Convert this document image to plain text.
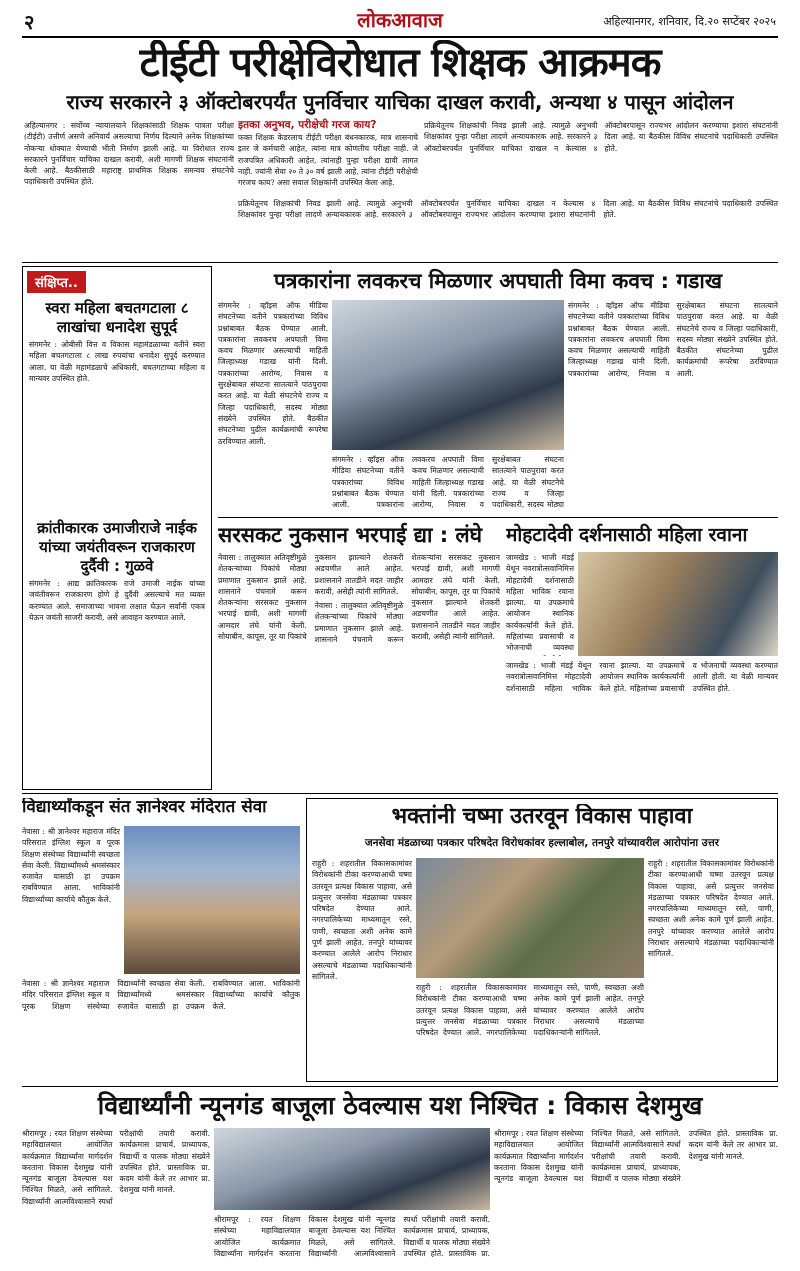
२	लोकआवाज	अहिल्यानगर, शनिवार, दि.२० सप्टेंबर २०२५
टीईटी परीक्षेविरोधात शिक्षक आक्रमक
राज्य सरकारने ३ ऑक्टोबरपर्यंत पुनर्विचार याचिका दाखल करावी, अन्यथा ४ पासून आंदोलन

अहिल्यानगर : सर्वोच्च न्यायालयाने शिक्षकांसाठी शिक्षक पात्रता परीक्षा (टीईटी) उत्तीर्ण असणे अनिवार्य असल्याचा निर्णय दिल्याने अनेक शिक्षकांच्या नोकऱ्या धोक्यात येण्याची भीती निर्माण झाली आहे. या विरोधात राज्य सरकारने पुनर्विचार याचिका दाखल करावी, अशी मागणी शिक्षक संघटनांनी केली आहे. बैठकीसाठी महाराष्ट्र प्राथमिक शिक्षक समन्वय संघटनेचे पदाधिकारी उपस्थित होते.

इतका अनुभव, परीक्षेची गरज काय?
फक्त शिक्षक केडरलाच टीईटी परीक्षा बंधनकारक, मात्र शासनाचे इतर जे कर्मचारी आहेत, त्यांना मात्र कोणतीच परीक्षा नाही. जे राजपत्रित अधिकारी आहेत, त्यांनाही पुन्हा परीक्षा द्यावी लागत नाही. ज्यांनी सेवा २० ते ३० वर्ष झाली आहे, त्यांना टीईटी परीक्षेची गरजच काय? असा सवाल शिक्षकांनी उपस्थित केला आहे.

प्रक्रियेतूनच शिक्षकांची निवड झाली आहे. त्यामुळे अनुभवी शिक्षकांवर पुन्हा परीक्षा लादणे अन्यायकारक आहे. सरकारने ३ ऑक्टोबरपर्यंत पुनर्विचार याचिका दाखल न केल्यास ४ ऑक्टोबरपासून राज्यभर आंदोलन करण्याचा इशारा संघटनांनी दिला आहे. या बैठकीस विविध संघटनांचे पदाधिकारी उपस्थित होते.

प्रक्रियेतूनच शिक्षकांची निवड झाली आहे. त्यामुळे अनुभवी शिक्षकांवर पुन्हा परीक्षा लादणे अन्यायकारक आहे. सरकारने ३ ऑक्टोबरपर्यंत पुनर्विचार याचिका दाखल न केल्यास ४ ऑक्टोबरपासून राज्यभर आंदोलन करण्याचा इशारा संघटनांनी दिला आहे. या बैठकीस विविध संघटनांचे पदाधिकारी उपस्थित होते.

संक्षिप्त..
स्वरा महिला बचतगटाला ८ लाखांचा धनादेश सुपूर्द
संगमनेर : ओबीसी वित्त व विकास महामंडळाच्या वतीने स्वरा महिला बचतगटाला ८ लाख रुपयांचा धनादेश सुपूर्द करण्यात आला. या वेळी महामंडळाचे अधिकारी, बचतगटाच्या महिला व मान्यवर उपस्थित होते.
क्रांतीकारक उमाजीराजे नाईक यांच्या जयंतीवरून राजकारण दुर्दैवी : गुळवे
संगमनेर : आद्य क्रांतिकारक राजे उमाजी नाईक यांच्या जयंतीवरून राजकारण होणे हे दुर्दैवी असल्याचे मत व्यक्त करण्यात आले. समाजाच्या भावना लक्षात घेऊन सर्वांनी एकत्र येऊन जयंती साजरी करावी, असे आवाहन करण्यात आले.
पत्रकारांना लवकरच मिळणार अपघाती विमा कवच : गडाख

संगमनेर : व्हॉइस ऑफ मीडिया संघटनेच्या वतीने पत्रकारांच्या विविध प्रश्नांबाबत बैठक घेण्यात आली. पत्रकारांना लवकरच अपघाती विमा कवच मिळणार असल्याची माहिती जिल्हाध्यक्ष गडाख यांनी दिली. पत्रकारांच्या आरोग्य, निवास व सुरक्षेबाबत संघटना सातत्याने पाठपुरावा करत आहे. या वेळी संघटनेचे राज्य व जिल्हा पदाधिकारी, सदस्य मोठ्या संख्येने उपस्थित होते. बैठकीत संघटनेच्या पुढील कार्यक्रमांची रूपरेषा ठरविण्यात आली.

संगमनेर : व्हॉइस ऑफ मीडिया संघटनेच्या वतीने पत्रकारांच्या विविध प्रश्नांबाबत बैठक घेण्यात आली. पत्रकारांना लवकरच अपघाती विमा कवच मिळणार असल्याची माहिती जिल्हाध्यक्ष गडाख यांनी दिली. पत्रकारांच्या आरोग्य, निवास व सुरक्षेबाबत संघटना सातत्याने पाठपुरावा करत आहे. या वेळी संघटनेचे राज्य व जिल्हा पदाधिकारी, सदस्य मोठ्या

संगमनेर : व्हॉइस ऑफ मीडिया संघटनेच्या वतीने पत्रकारांच्या विविध प्रश्नांबाबत बैठक घेण्यात आली. पत्रकारांना लवकरच अपघाती विमा कवच मिळणार असल्याची माहिती जिल्हाध्यक्ष गडाख यांनी दिली. पत्रकारांच्या आरोग्य, निवास व सुरक्षेबाबत संघटना सातत्याने पाठपुरावा करत आहे. या वेळी संघटनेचे राज्य व जिल्हा पदाधिकारी, सदस्य मोठ्या संख्येने उपस्थित होते. बैठकीत संघटनेच्या पुढील कार्यक्रमांची रूपरेषा ठरविण्यात आली.

सरसकट नुकसान भरपाई द्या : लंघे

नेवासा : तालुक्यात अतिवृष्टीमुळे शेतकऱ्यांच्या पिकांचे मोठ्या प्रमाणात नुकसान झाले आहे. शासनाने पंचनामे करून शेतकऱ्यांना सरसकट नुकसान भरपाई द्यावी, अशी मागणी आमदार लंघे यांनी केली. सोयाबीन, कापूस, तूर या पिकांचे नुकसान झाल्याने शेतकरी अडचणीत आले आहेत. प्रशासनाने तातडीने मदत जाहीर करावी, असेही त्यांनी सांगितले.

नेवासा : तालुक्यात अतिवृष्टीमुळे शेतकऱ्यांच्या पिकांचे मोठ्या प्रमाणात नुकसान झाले आहे. शासनाने पंचनामे करून शेतकऱ्यांना सरसकट नुकसान भरपाई द्यावी, अशी मागणी आमदार लंघे यांनी केली. सोयाबीन, कापूस, तूर या पिकांचे नुकसान झाल्याने शेतकरी अडचणीत आले आहेत. प्रशासनाने तातडीने मदत जाहीर करावी, असेही त्यांनी सांगितले.

मोहटादेवी दर्शनासाठी महिला रवाना

जामखेड : भाजी मंडई येथून नवरात्रोत्सवानिमित्त मोहटादेवी दर्शनासाठी महिला भाविक रवाना झाल्या. या उपक्रमाचे आयोजन स्थानिक कार्यकर्त्यांनी केले होते. महिलांच्या प्रवासाची व भोजनाची व्यवस्था

जामखेड : भाजी मंडई येथून नवरात्रोत्सवानिमित्त मोहटादेवी दर्शनासाठी महिला भाविक रवाना झाल्या. या उपक्रमाचे आयोजन स्थानिक कार्यकर्त्यांनी केले होते. महिलांच्या प्रवासाची व भोजनाची व्यवस्था करण्यात आली होती. या वेळी मान्यवर उपस्थित होते.

विद्यार्थ्यांकडून संत ज्ञानेश्वर मंदिरात सेवा

नेवासा : श्री ज्ञानेश्वर महाराज मंदिर परिसरात इंग्लिश स्कूल व पूरक शिक्षण संस्थेच्या विद्यार्थ्यांनी स्वच्छता सेवा केली. विद्यार्थ्यांमध्ये श्रमसंस्कार रुजावेत यासाठी हा उपक्रम राबविण्यात आला. भाविकांनी विद्यार्थ्यांच्या कार्याचे कौतुक केले.

नेवासा : श्री ज्ञानेश्वर महाराज मंदिर परिसरात इंग्लिश स्कूल व पूरक शिक्षण संस्थेच्या विद्यार्थ्यांनी स्वच्छता सेवा केली. विद्यार्थ्यांमध्ये श्रमसंस्कार रुजावेत यासाठी हा उपक्रम राबविण्यात आला. भाविकांनी विद्यार्थ्यांच्या कार्याचे कौतुक केले.

भक्तांनी चष्मा उतरवून विकास पाहावा
जनसेवा मंडळाच्या पत्रकार परिषदेत विरोधकांवर हल्लाबोल, तनपुरे यांच्यावरील आरोपांना उत्तर

राहुरी : शहरातील विकासकामांवर विरोधकांनी टीका करण्याआधी चष्मा उतरवून प्रत्यक्ष विकास पाहावा, असे प्रत्युत्तर जनसेवा मंडळाच्या पत्रकार परिषदेत देण्यात आले. नगरपालिकेच्या माध्यमातून रस्ते, पाणी, स्वच्छता अशी अनेक कामे पूर्ण झाली आहेत. तनपुरे यांच्यावर करण्यात आलेले आरोप निराधार असल्याचे मंडळाच्या पदाधिकाऱ्यांनी सांगितले.

राहुरी : शहरातील विकासकामांवर विरोधकांनी टीका करण्याआधी चष्मा उतरवून प्रत्यक्ष विकास पाहावा, असे प्रत्युत्तर जनसेवा मंडळाच्या पत्रकार परिषदेत देण्यात आले. नगरपालिकेच्या माध्यमातून रस्ते, पाणी, स्वच्छता अशी अनेक कामे पूर्ण झाली आहेत. तनपुरे यांच्यावर करण्यात आलेले आरोप निराधार असल्याचे मंडळाच्या पदाधिकाऱ्यांनी सांगितले.

राहुरी : शहरातील विकासकामांवर विरोधकांनी टीका करण्याआधी चष्मा उतरवून प्रत्यक्ष विकास पाहावा, असे प्रत्युत्तर जनसेवा मंडळाच्या पत्रकार परिषदेत देण्यात आले. नगरपालिकेच्या माध्यमातून रस्ते, पाणी, स्वच्छता अशी अनेक कामे पूर्ण झाली आहेत. तनपुरे यांच्यावर करण्यात आलेले आरोप निराधार असल्याचे मंडळाच्या पदाधिकाऱ्यांनी सांगितले.

विद्यार्थ्यांनी न्यूनगंड बाजूला ठेवल्यास यश निश्चित : विकास देशमुख

श्रीरामपूर : रयत शिक्षण संस्थेच्या महाविद्यालयात आयोजित कार्यक्रमात विद्यार्थ्यांना मार्गदर्शन करताना विकास देशमुख यांनी न्यूनगंड बाजूला ठेवल्यास यश निश्चित मिळते, असे सांगितले. विद्यार्थ्यांनी आत्मविश्वासाने स्पर्धा परीक्षांची तयारी करावी. कार्यक्रमास प्राचार्य, प्राध्यापक, विद्यार्थी व पालक मोठ्या संख्येने उपस्थित होते. प्रास्ताविक प्रा. कदम यांनी केले तर आभार प्रा. देशमुख यांनी मानले.

श्रीरामपूर : रयत शिक्षण संस्थेच्या महाविद्यालयात आयोजित कार्यक्रमात विद्यार्थ्यांना मार्गदर्शन करताना विकास देशमुख यांनी न्यूनगंड बाजूला ठेवल्यास यश निश्चित मिळते, असे सांगितले. विद्यार्थ्यांनी आत्मविश्वासाने स्पर्धा परीक्षांची तयारी करावी. कार्यक्रमास प्राचार्य, प्राध्यापक, विद्यार्थी व पालक मोठ्या संख्येने उपस्थित होते. प्रास्ताविक प्रा.

श्रीरामपूर : रयत शिक्षण संस्थेच्या महाविद्यालयात आयोजित कार्यक्रमात विद्यार्थ्यांना मार्गदर्शन करताना विकास देशमुख यांनी न्यूनगंड बाजूला ठेवल्यास यश निश्चित मिळते, असे सांगितले. विद्यार्थ्यांनी आत्मविश्वासाने स्पर्धा परीक्षांची तयारी करावी. कार्यक्रमास प्राचार्य, प्राध्यापक, विद्यार्थी व पालक मोठ्या संख्येने उपस्थित होते. प्रास्ताविक प्रा. कदम यांनी केले तर आभार प्रा. देशमुख यांनी मानले.
